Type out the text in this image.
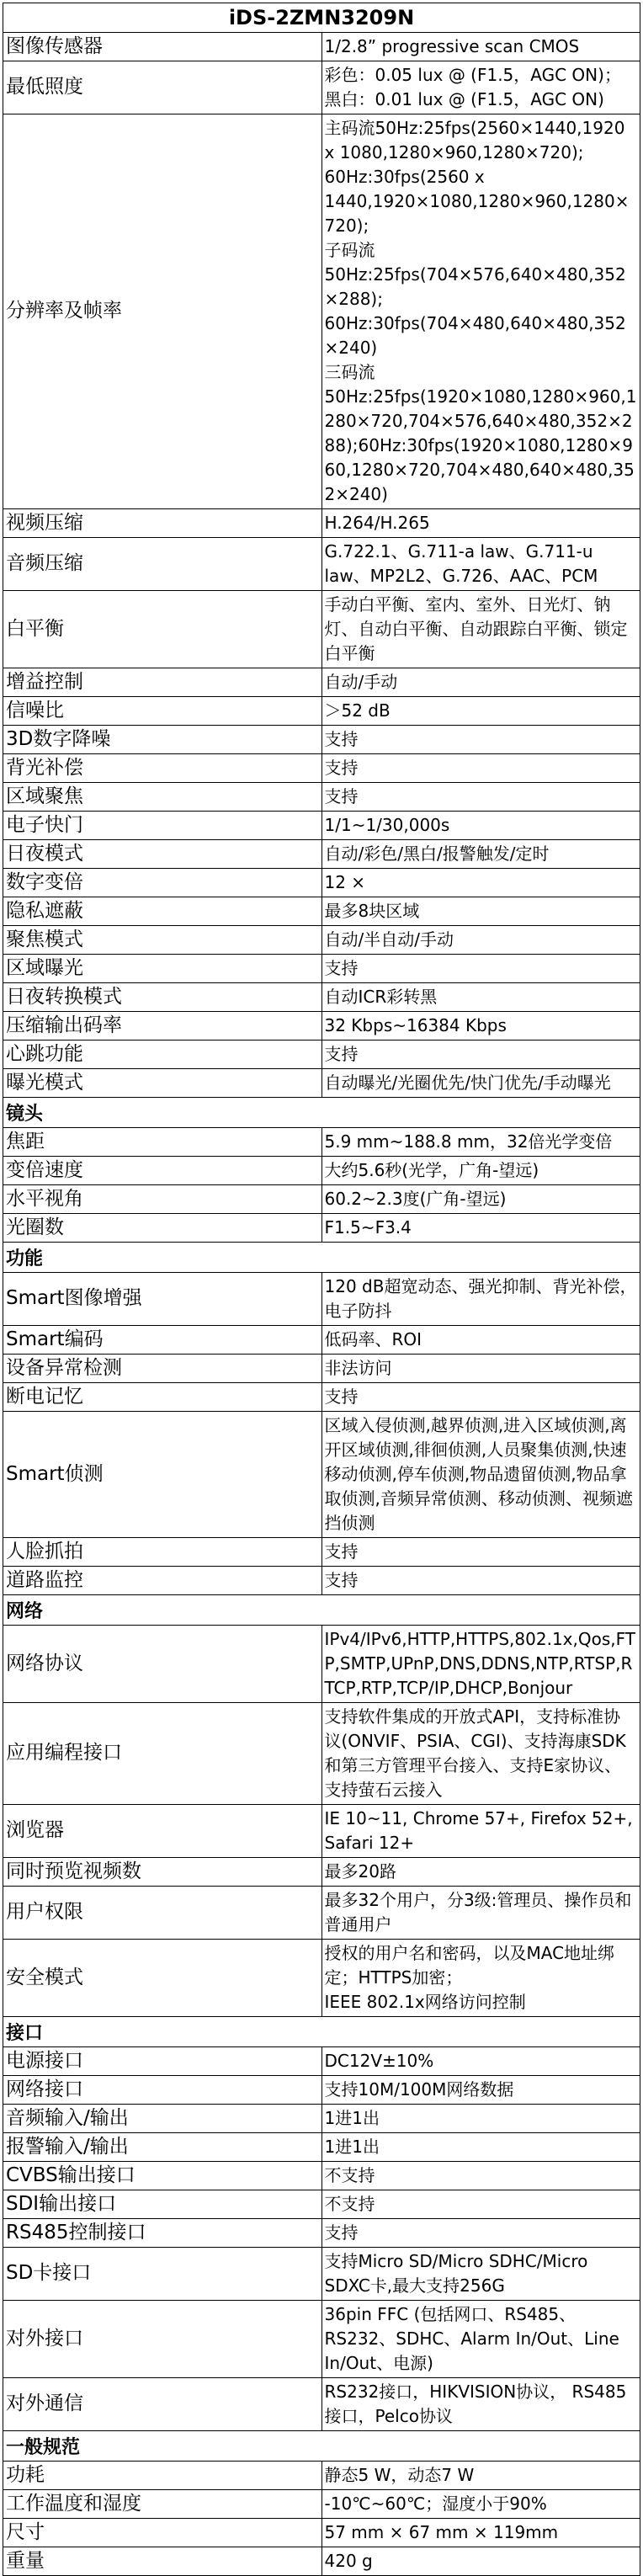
iDS-2ZMN3209N	
图像传感器	1/2.8” progressive scan CMOS

最低照度	彩色：0.05 lux @ (F1.5，AGC ON)；
黑白：0.01 lux @ (F1.5，AGC ON)

分辨率及帧率	主码流50Hz:25fps(2560×1440,1920 x 1080,1280×960,1280×720); 60Hz:30fps(2560 x 1440,1920×1080,1280×960,1280×720);
子码流 50Hz:25fps(704×576,640×480,352×288); 60Hz:30fps(704×480,640×480,352×240)
三码流 50Hz:25fps(1920×1080,1280×960,1280×720,704×576,640×480,352×288);60Hz:30fps(1920×1080,1280×960,1280×720,704×480,640×480,352×240)

视频压缩	H.264/H.265

音频压缩	G.722.1、G.711-a law、G.711-u law、MP2L2、G.726、AAC、PCM

白平衡	手动白平衡、室内、室外、日光灯、钠灯、自动白平衡、自动跟踪白平衡、锁定白平衡

增益控制	自动/手动

信噪比	＞52 dB

3D数字降噪	支持

背光补偿	支持

区域聚焦	支持

电子快门	1/1~1/30,000s

日夜模式	自动/彩色/黑白/报警触发/定时

数字变倍	12 ×

隐私遮蔽	最多8块区域

聚焦模式	自动/半自动/手动

区域曝光	支持

日夜转换模式	自动ICR彩转黑

压缩输出码率	32 Kbps~16384 Kbps

心跳功能	支持

曝光模式	自动曝光/光圈优先/快门优先/手动曝光

镜头	
焦距	5.9 mm~188.8 mm，32倍光学变倍

变倍速度	大约5.6秒(光学，广角-望远)

水平视角	60.2~2.3度(广角-望远)

光圈数	F1.5~F3.4

功能	
Smart图像增强	120 dB超宽动态、强光抑制、背光补偿，电子防抖

Smart编码	低码率、ROI

设备异常检测	非法访问

断电记忆	支持

Smart侦测	区域入侵侦测,越界侦测,进入区域侦测,离开区域侦测,徘徊侦测,人员聚集侦测,快速移动侦测,停车侦测,物品遗留侦测,物品拿取侦测,音频异常侦测、移动侦测、视频遮挡侦测

人脸抓拍	支持

道路监控	支持

网络	
网络协议	IPv4/IPv6,HTTP,HTTPS,802.1x,Qos,FTP,SMTP,UPnP,DNS,DDNS,NTP,RTSP,RTCP,RTP,TCP/IP,DHCP,Bonjour

应用编程接口	支持软件集成的开放式API，支持标准协议(ONVIF、PSIA、CGI)、支持海康SDK和第三方管理平台接入、支持E家协议、支持萤石云接入

浏览器	IE 10~11, Chrome 57+, Firefox 52+, Safari 12+

同时预览视频数	最多20路

用户权限	最多32个用户，分3级:管理员、操作员和普通用户

安全模式	授权的用户名和密码，以及MAC地址绑定；HTTPS加密；
IEEE 802.1x网络访问控制

接口	
电源接口	DC12V±10%

网络接口	支持10M/100M网络数据

音频输入/输出	1进1出

报警输入/输出	1进1出

CVBS输出接口	不支持

SDI输出接口	不支持

RS485控制接口	支持

SD卡接口	支持Micro SD/Micro SDHC/Micro SDXC卡,最大支持256G

对外接口	36pin FFC (包括网口、RS485、RS232、SDHC、Alarm In/Out、Line In/Out、电源)

对外通信	RS232接口，HIKVISION协议， RS485接口，Pelco协议

一般规范	
功耗	静态5 W，动态7 W

工作温度和湿度	-10℃~60℃；湿度小于90%

尺寸	57 mm × 67 mm × 119mm

重量	420 g
